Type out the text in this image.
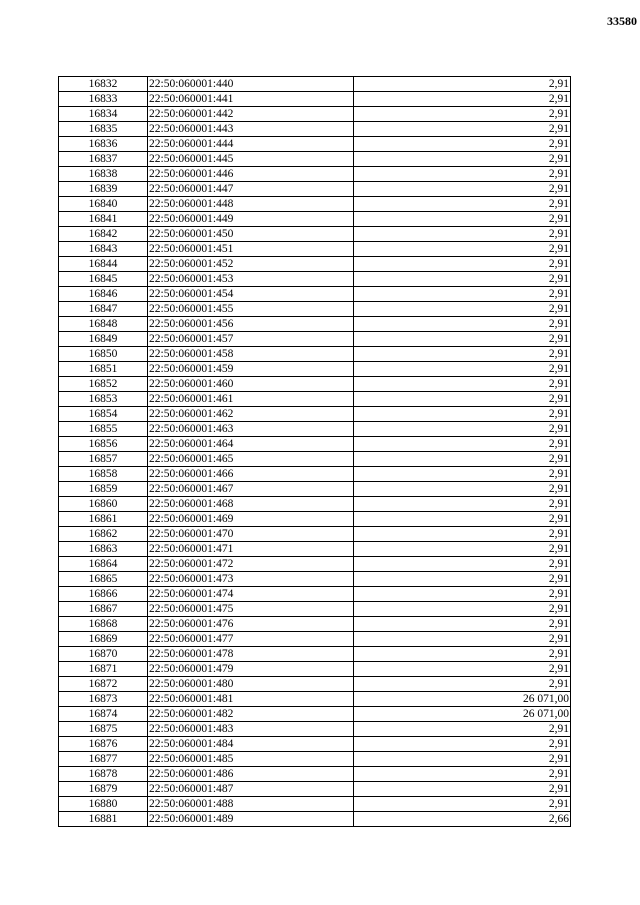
33580
16832	22:50:060001:440	2,91
16833	22:50:060001:441	2,91
16834	22:50:060001:442	2,91
16835	22:50:060001:443	2,91
16836	22:50:060001:444	2,91
16837	22:50:060001:445	2,91
16838	22:50:060001:446	2,91
16839	22:50:060001:447	2,91
16840	22:50:060001:448	2,91
16841	22:50:060001:449	2,91
16842	22:50:060001:450	2,91
16843	22:50:060001:451	2,91
16844	22:50:060001:452	2,91
16845	22:50:060001:453	2,91
16846	22:50:060001:454	2,91
16847	22:50:060001:455	2,91
16848	22:50:060001:456	2,91
16849	22:50:060001:457	2,91
16850	22:50:060001:458	2,91
16851	22:50:060001:459	2,91
16852	22:50:060001:460	2,91
16853	22:50:060001:461	2,91
16854	22:50:060001:462	2,91
16855	22:50:060001:463	2,91
16856	22:50:060001:464	2,91
16857	22:50:060001:465	2,91
16858	22:50:060001:466	2,91
16859	22:50:060001:467	2,91
16860	22:50:060001:468	2,91
16861	22:50:060001:469	2,91
16862	22:50:060001:470	2,91
16863	22:50:060001:471	2,91
16864	22:50:060001:472	2,91
16865	22:50:060001:473	2,91
16866	22:50:060001:474	2,91
16867	22:50:060001:475	2,91
16868	22:50:060001:476	2,91
16869	22:50:060001:477	2,91
16870	22:50:060001:478	2,91
16871	22:50:060001:479	2,91
16872	22:50:060001:480	2,91
16873	22:50:060001:481	26 071,00
16874	22:50:060001:482	26 071,00
16875	22:50:060001:483	2,91
16876	22:50:060001:484	2,91
16877	22:50:060001:485	2,91
16878	22:50:060001:486	2,91
16879	22:50:060001:487	2,91
16880	22:50:060001:488	2,91
16881	22:50:060001:489	2,66
